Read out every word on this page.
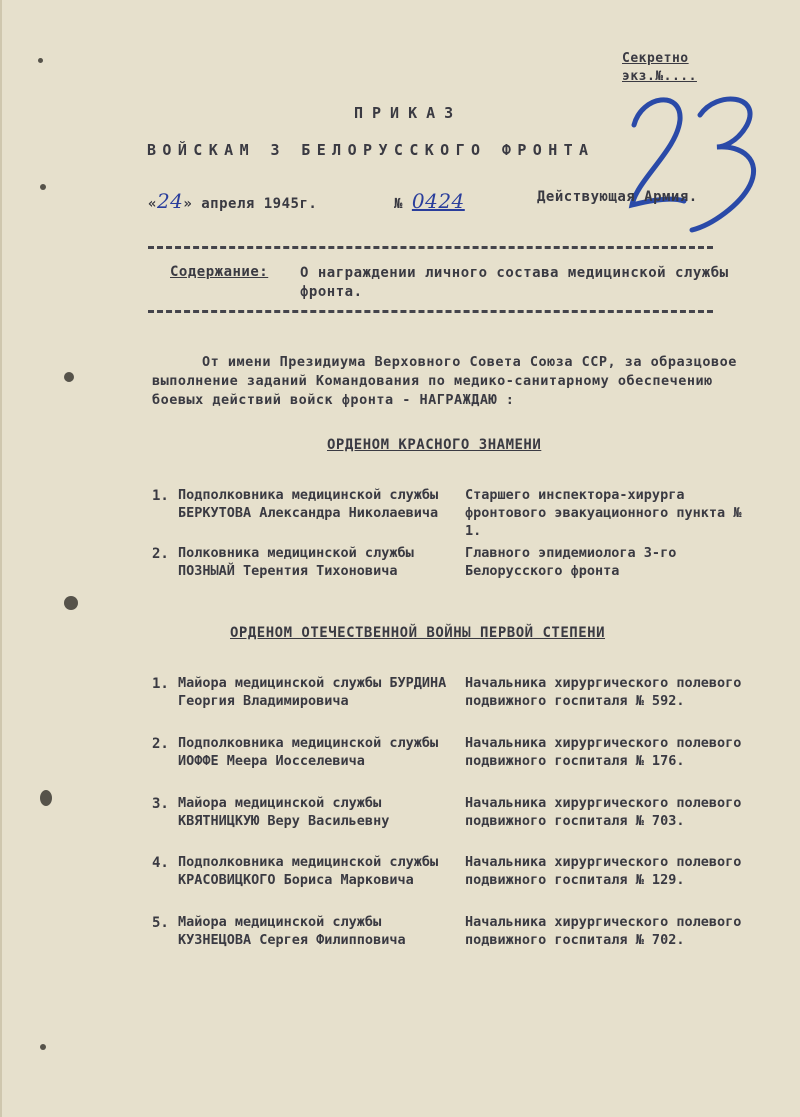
Секретно
экз.№....
ПРИКАЗ
ВОЙСКАМ 3 БЕЛОРУССКОГО ФРОНТА
«24» апреля 1945г.	№ 0424	Действующая Армия.
Содержание: О награждении личного состава медицинской службы фронта.
От имени Президиума Верховного Совета Союза ССР, за образцовое выполнение заданий Командования по медико-санитарному обеспечению боевых действий войск фронта - НАГРАЖДАЮ :
ОРДЕНОМ КРАСНОГО ЗНАМЕНИ
1. Подполковника медицинской службы БЕРКУТОВА Александра Николаевича
Старшего инспектора-хирурга фронтового эвакуационного пункта № 1.
2. Полковника медицинской службы ПОЗНЫАЙ Терентия Тихоновича
Главного эпидемиолога 3-го Белорусского фронта
ОРДЕНОМ ОТЕЧЕСТВЕННОЙ ВОЙНЫ ПЕРВОЙ СТЕПЕНИ
1. Майора медицинской службы БУРДИНА Георгия Владимировича
Начальника хирургического полевого подвижного госпиталя № 592.
2. Подполковника медицинской службы ИОФФЕ Меера Иосселевича
Начальника хирургического полевого подвижного госпиталя № 176.
3. Майора медицинской службы КВЯТНИЦКУЮ Веру Васильевну
Начальника хирургического полевого подвижного госпиталя № 703.
4. Подполковника медицинской службы КРАСОВИЦКОГО Бориса Марковича
Начальника хирургического полевого подвижного госпиталя № 129.
5. Майора медицинской службы КУЗНЕЦОВА Сергея Филипповича
Начальника хирургического полевого подвижного госпиталя № 702.
